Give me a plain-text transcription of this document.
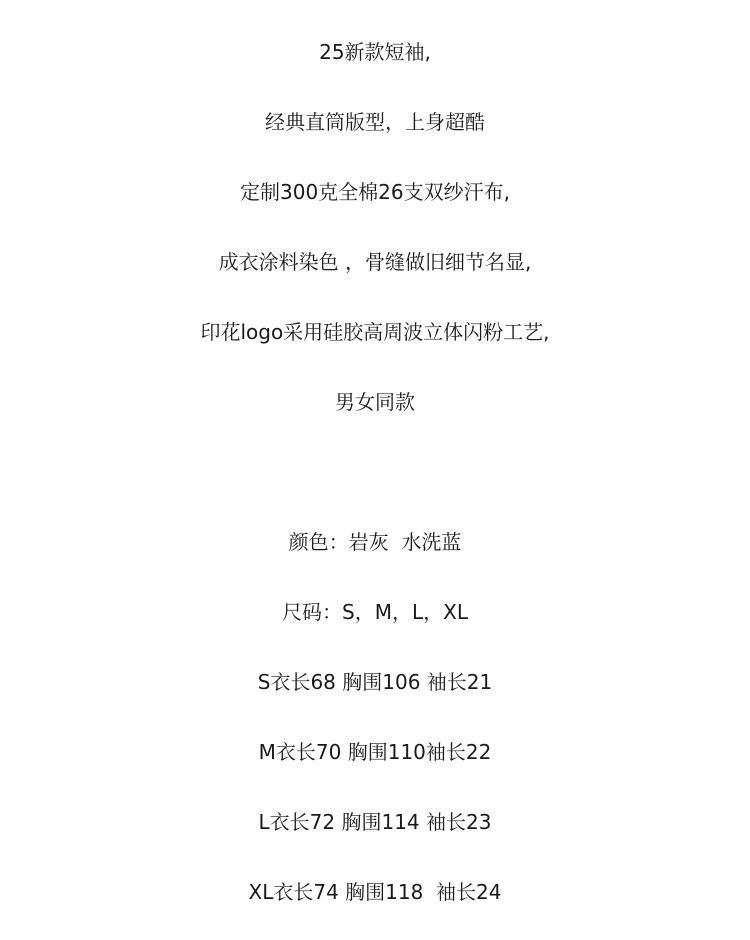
25新款短袖,
经典直筒版型，上身超酷
定制300克全棉26支双纱汗布,
成衣涂料染色 ，骨缝做旧细节名显,
印花logo采用硅胶高周波立体闪粉工艺,
男女同款
颜色：岩灰  水洗蓝
尺码：S，M，L，XL
S衣长68 胸围106 袖长21
M衣长70 胸围110袖长22
L衣长72 胸围114 袖长23
XL衣长74 胸围118  袖长24
